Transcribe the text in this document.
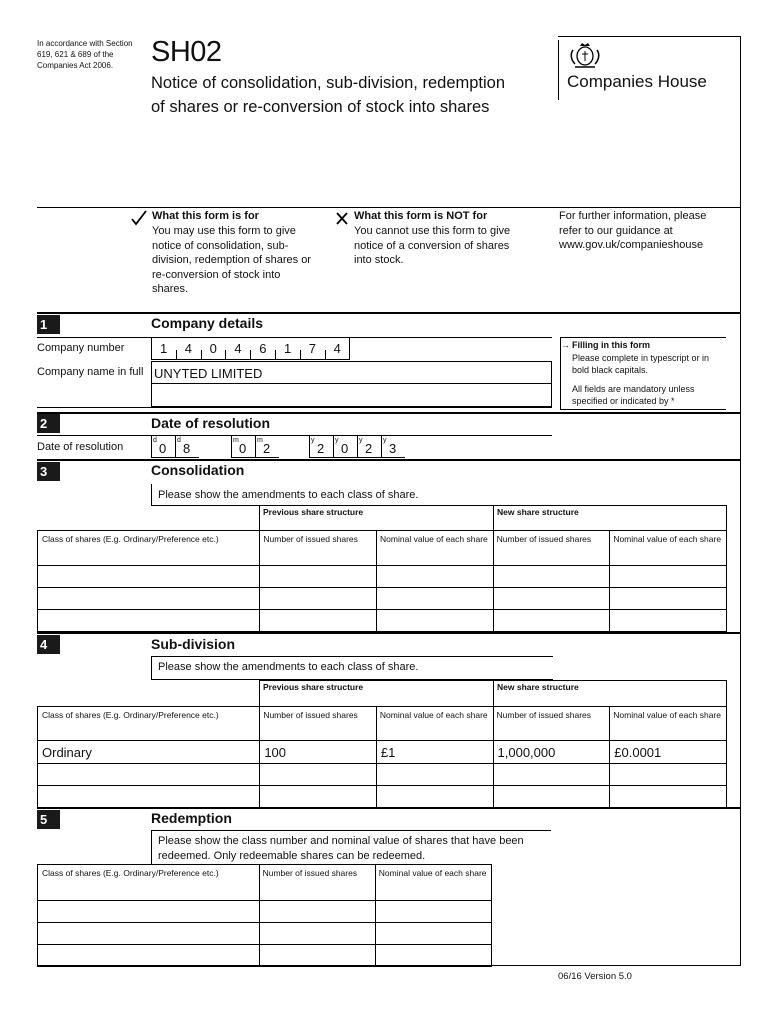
In accordance with Section 619, 621 & 689 of the Companies Act 2006.	SH02
Notice of consolidation, sub-division, redemption
of shares or re-conversion of stock into shares
Companies House
What this form is for
You may use this form to give notice of consolidation, sub-division, redemption of shares or re-conversion of stock into shares.
What this form is NOT for
You cannot use this form to give notice of a conversion of shares into stock.
For further information, please refer to our guidance at www.gov.uk/companieshouse
1	Company details
Company number	1 4 0 4 6 1 7 4
Company name in full UNYTED LIMITED
→ Filling in this form
Please complete in typescript or in bold black capitals.
All fields are mandatory unless specified or indicated by *
2	Date of resolution
Date of resolution
d
0
d
8
m
0
m
2
y
2
y
0
y
2
y
3
3	Consolidation
Please show the amendments to each class of share.
Previous share structure	New share structure
Class of shares (E.g. Ordinary/Preference etc.)	Number of issued shares	Nominal value of each share	Number of issued shares	Nominal value of each share

4	Sub-division
Please show the amendments to each class of share.
Previous share structure	New share structure
Class of shares (E.g. Ordinary/Preference etc.)	Number of issued shares	Nominal value of each share	Number of issued shares	Nominal value of each share

Ordinary	100	£1	1,000,000	£0.0001

5	Redemption
Please show the class number and nominal value of shares that have been redeemed. Only redeemable shares can be redeemed.
Class of shares (E.g. Ordinary/Preference etc.)	Number of issued shares	Nominal value of each share

06/16 Version 5.0
